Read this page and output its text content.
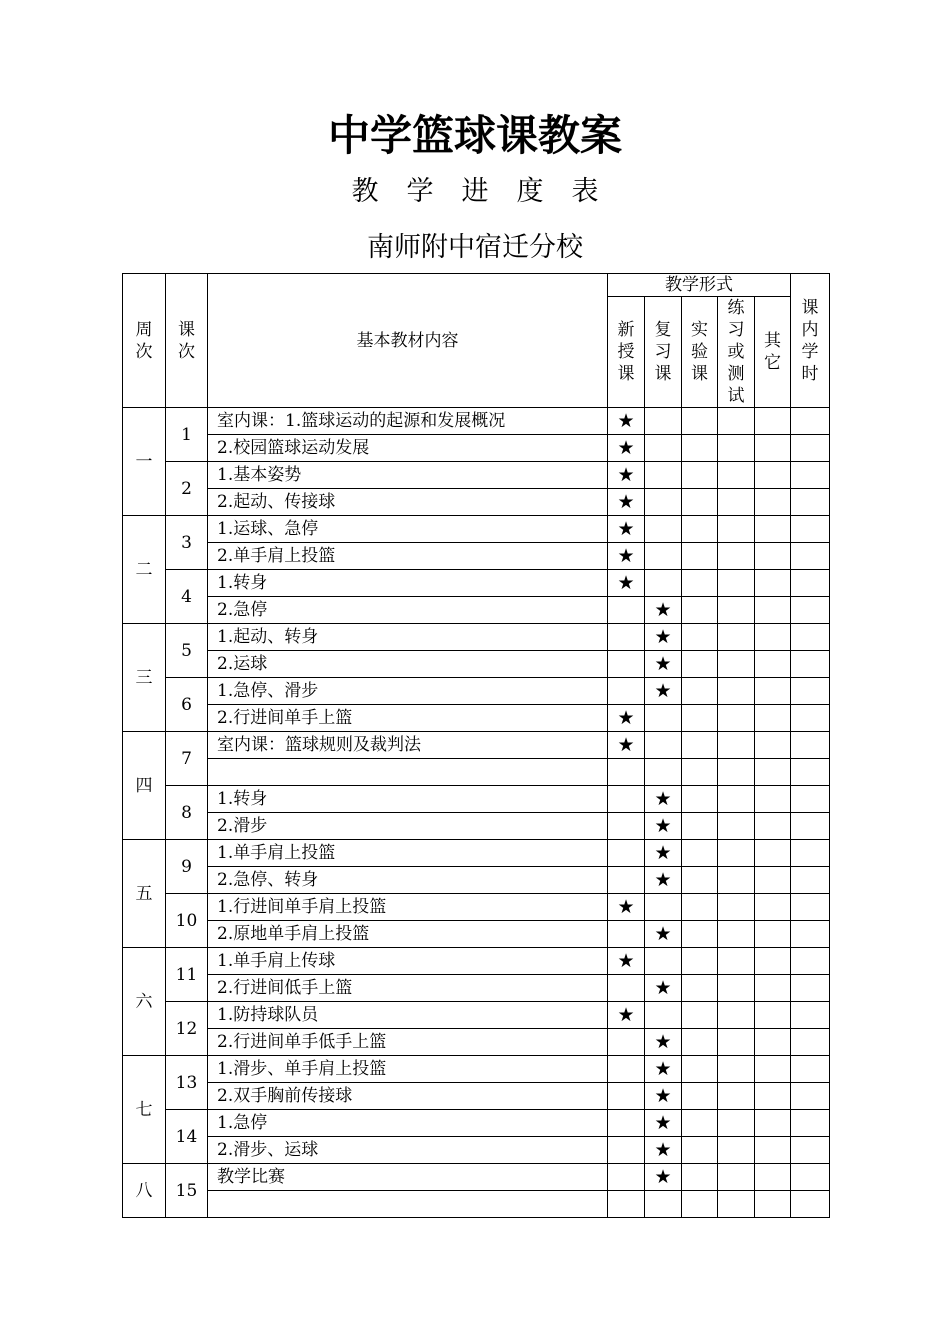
中学篮球课教案
教学进度表
南师附中宿迁分校
周次	课次	基本教材内容	教学形式					课内学时
			新授课	复习课	实验课	练习或测试	其它	
一	1	室内课：1.篮球运动的起源和发展概况	★					
		2.校园篮球运动发展	★					
	2	1.基本姿势	★					
		2.起动、传接球	★					
二	3	1.运球、急停	★					
		2.单手肩上投篮	★					
	4	1.转身	★					
		2.急停		★				
三	5	1.起动、转身		★				
		2.运球		★				
	6	1.急停、滑步		★				
		2.行进间单手上篮	★					
四	7	室内课：篮球规则及裁判法	★					

	8	1.转身		★				
		2.滑步		★				
五	9	1.单手肩上投篮		★				
		2.急停、转身		★				
	10	1.行进间单手肩上投篮	★					
		2.原地单手肩上投篮		★				
六	11	1.单手肩上传球	★					
		2.行进间低手上篮		★				
	12	1.防持球队员	★					
		2.行进间单手低手上篮		★				
七	13	1.滑步、单手肩上投篮		★				
		2.双手胸前传接球		★				
	14	1.急停		★				
		2.滑步、运球		★				
八	15	教学比赛		★				
